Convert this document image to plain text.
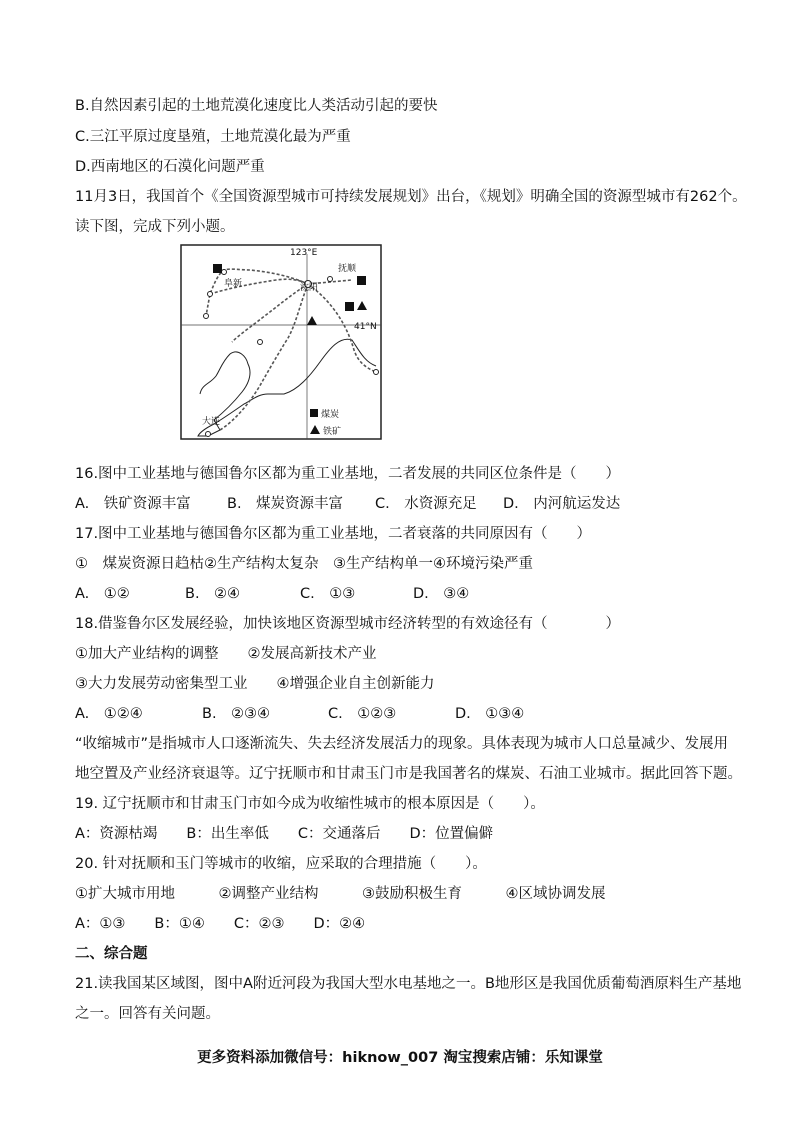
B.自然因素引起的土地荒漠化速度比人类活动引起的要快
C.三江平原过度垦殖，土地荒漠化最为严重
D.西南地区的石漠化问题严重
11月3日，我国首个《全国资源型城市可持续发展规划》出台，《规划》明确全国的资源型城市有262个。
读下图，完成下列小题。
123°E
41°N
阜新
抚顺
沈阳
大连
煤炭
铁矿
16.图中工业基地与德国鲁尔区都为重工业基地，二者发展的共同区位条件是（　　）
A.　铁矿资源丰富 B.　煤炭资源丰富 C.　水资源充足 D.　内河航运发达
17.图中工业基地与德国鲁尔区都为重工业基地，二者衰落的共同原因有（　　）
①　煤炭资源日趋枯②生产结构太复杂　③生产结构单一④环境污染严重
A.　①②	B.　②④	C.　①③	D.　③④
18.借鉴鲁尔区发展经验，加快该地区资源型城市经济转型的有效途径有（　　　　）
①加大产业结构的调整　　②发展高新技术产业
③大力发展劳动密集型工业　　④增强企业自主创新能力
A.　①②④	B.　②③④	C.　①②③	D.　①③④
“收缩城市”是指城市人口逐渐流失、失去经济发展活力的现象。具体表现为城市人口总量减少、发展用
地空置及产业经济衰退等。辽宁抚顺市和甘肃玉门市是我国著名的煤炭、石油工业城市。据此回答下题。
19. 辽宁抚顺市和甘肃玉门市如今成为收缩性城市的根本原因是（　　）。
A：资源枯竭　　B：出生率低　　C：交通落后　　D：位置偏僻
20. 针对抚顺和玉门等城市的收缩，应采取的合理措施（　　）。
①扩大城市用地　　　②调整产业结构　　　③鼓励积极生育　　　④区域协调发展
A：①③　　B：①④　　C：②③　　D：②④
二、综合题
21.读我国某区域图，图中A附近河段为我国大型水电基地之一。B地形区是我国优质葡萄酒原料生产基地
之一。回答有关问题。
更多资料添加微信号：hiknow_007 淘宝搜索店铺：乐知课堂
